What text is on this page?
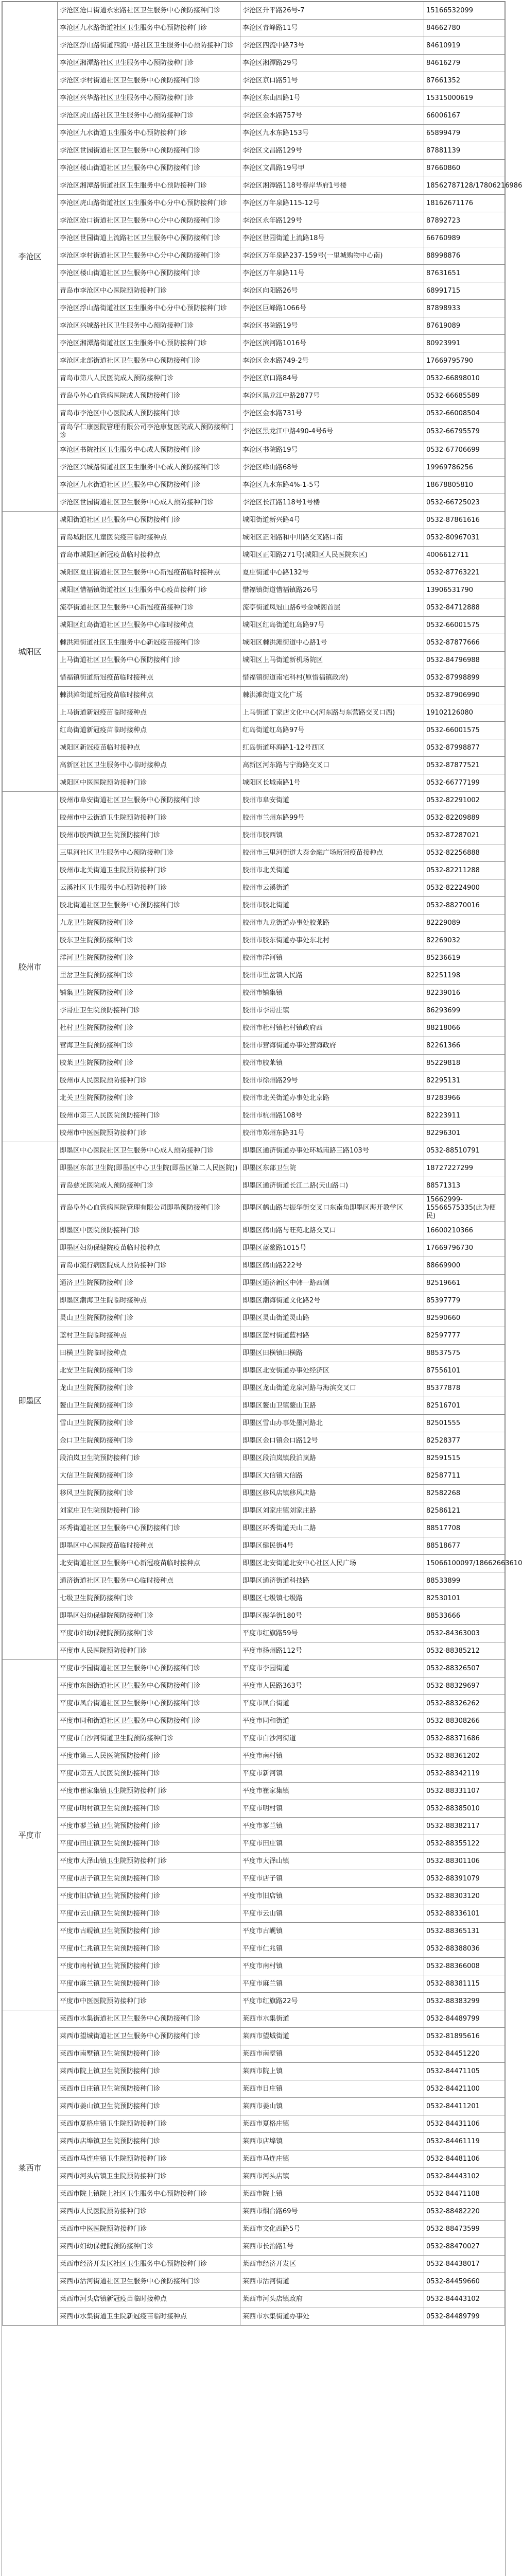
李沧区	李沧区沧口街道永宏路社区卫生服务中心预防接种门诊	李沧区升平路26号-7	15166532099
	李沧区九水路街道社区卫生服务中心预防接种门诊	李沧区青峰路11号	84662780
	李沧区浮山路街道四流中路社区卫生服务中心预防接种门诊	李沧区四流中路73号	84610919
	李沧区湘潭路社区卫生服务中心预防接种门诊	李沧区湘潭路29号	84616279
	李沧区李村街道社区卫生服务中心预防接种门诊	李沧区京口路51号	87661352
	李沧区兴华路社区卫生服务中心预防接种门诊	李沧区东山四路1号	15315000619
	李沧区虎山路社区卫生服务中心预防接种门诊	李沧区金水路757号	66006167
	李沧区九水街道卫生服务中心预防接种门诊	李沧区九水东路153号	65899479
	李沧区世园街道社区卫生服务中心预防接种门诊	李沧区文昌路129号	87881139
	李沧区楼山街道社区卫生服务中心预防接种门诊	李沧区文昌路19号甲	87660860
	李沧区湘潭路街道社区卫生服务中心预防接种门诊	李沧区湘潭路118号春岸华府1号楼	18562787128/17806216986
	李沧区虎山路街道社区卫生服务中心分中心预防接种门诊	李沧区万年泉路115-12号	18162671176
	李沧区沧口街道社区卫生服务中心分中心预防接种门诊	李沧区永年路129号	87892723
	李沧区世园街道上流路社区卫生服务中心预防接种门诊	李沧区世园街道上流路18号	66760989
	李沧区李村街道社区卫生服务中心分中心预防接种门诊	李沧区万年泉路237-159号(一里城购物中心南)	88998876
	李沧区楼山街道社区卫生服务中心预防接种门诊	李沧区万年泉路11号	87631651
	青岛市李沧区中心医院预防接种门诊	李沧区向阳路26号	68991715
	李沧区浮山路街道社区卫生服务中心分中心预防接种门诊	李沧区巨峰路1066号	87898933
	李沧区兴城路社区卫生服务中心预防接种门诊	李沧区书院路19号	87619089
	李沧区湘潭路街道社区卫生服务中心预防接种门诊	李沧区滨河路1016号	80923991
	李沧区北部街道社区卫生服务中心预防接种门诊	李沧区金水路749-2号	17669795790
	青岛市第八人民医院成人预防接种门诊	李沧区京口路84号	0532-66898010
	青岛阜外心血管病医院成人预防接种门诊	李沧区黑龙江中路2877号	0532-66685589
	青岛市李沧区中心医院成人预防接种门诊	李沧区金水路731号	0532-66008504
	青岛华仁康医院管理有限公司李沧康复医院成人预防接种门诊	李沧区黑龙江中路490-4号6号	0532-66795579
	李沧区书院社区卫生服务中心成人预防接种门诊	李沧区书院路19号	0532-67706699
	李沧区兴城路街道社区卫生服务中心成人预防接种门诊	李沧区峰山路68号	19969786256
	李沧区九水街道社区卫生服务中心预防接种门诊	李沧区九水东路4%-1-5号	18678805810
	李沧区世园街道社区卫生服务中心成人预防接种门诊	李沧区长江路118号1号楼	0532-66725023
城阳区	城阳街道社区卫生服务中心预防接种门诊	城阳街道新兴路4号	0532-87861616
	青岛城阳区儿童医院疫苗临时接种点	城阳区正阳路和中川路交叉路口南	0532-80967031
	青岛市城阳区新冠疫苗临时接种点	城阳区正阳路271号(城阳区人民医院东区)	4006612711
	城阳区夏庄街道社区卫生服务中心新冠疫苗临时接种点	夏庄街道中心路132号	0532-87763221
	城阳区惜福镇街道社区卫生服务中心疫苗接种门诊	惜福镇街道惜福镇路26号	13906531790
	流亭街道社区卫生服务中心新冠疫苗接种门诊	流亭街道凤冠山路6号金城阁首层	0532-84712888
	城阳区红岛街道社区卫生服务中心临时接种点	城阳区红岛街道红岛路97号	0532-66001575
	棘洪滩街道社区卫生服务中心新冠疫苗接种门诊	城阳区棘洪滩街道中心路1号	0532-87877666
	上马街道社区卫生服务中心预防接种门诊	城阳区上马街道新机场院区	0532-84796988
	惜福镇街道新冠疫苗临时接种点	惜福镇街道南宅科村(原惜福镇政府)	0532-87998899
	棘洪滩街道新冠疫苗临时接种点	棘洪滩街道文化广场	0532-87906990
	上马街道新冠疫苗临时接种点	上马街道丁家店文化中心(河东路与东营路交叉口西)	19102126080
	红岛街道新冠疫苗临时接种点	红岛街道红岛路97号	0532-66001575
	城阳区新冠疫苗临时接种点	红岛街道环海路1-12号西区	0532-87998877
	高新区社区卫生服务中心临时接种点	高新区河东路与宁海路交叉口	0532-87877521
	城阳区中医医院预防接种门诊	城阳区长城南路1号	0532-66777199
胶州市	胶州市阜安街道社区卫生服务中心预防接种门诊	胶州市阜安街道	0532-82291002
	胶州市中云街道卫生院预防接种门诊	胶州市兰州东路99号	0532-82209889
	胶州市胶西镇卫生院预防接种门诊	胶州市胶西镇	0532-87287021
	三里河社区卫生服务中心预防接种门诊	胶州市三里河街道大泰金融广场新冠疫苗接种点	0532-82256888
	胶州市北关街道卫生院预防接种门诊	胶州市北关街道	0532-82211288
	云溪社区卫生服务中心预防接种门诊	胶州市云溪街道	0532-82224900
	胶北街道社区卫生服务中心预防接种门诊	胶州市胶北街道	0532-88270016
	九龙卫生院预防接种门诊	胶州市九龙街道办事处胶莱路	82229089
	胶东卫生院预防接种门诊	胶州市胶东街道办事处东北村	82269032
	洋河卫生院预防接种门诊	胶州市洋河镇	85236619
	里岔卫生院预防接种门诊	胶州市里岔镇人民路	82251198
	铺集卫生院预防接种门诊	胶州市铺集镇	82239016
	李哥庄卫生院预防接种门诊	胶州市李哥庄镇	86293699
	杜村卫生院预防接种门诊	胶州市杜村镇杜村镇政府西	88218066
	营海卫生院预防接种门诊	胶州市营海街道办事处营海政府	82261366
	胶莱卫生院预防接种门诊	胶州市胶莱镇	85229818
	胶州市人民医院预防接种门诊	胶州市徐州路29号	82295131
	北关卫生院预防接种门诊	胶州市北关街道办事处北京路	87283966
	胶州市第三人民医院预防接种门诊	胶州市杭州路108号	82223911
	胶州市中医医院预防接种门诊	胶州市郑州东路31号	82296301
即墨区	即墨区中心医院社区卫生服务中心成人预防接种门诊	即墨区通济街道办事处环城南路三路103号	0532-88510791
	即墨区东部卫生院(即墨区中心卫生院(即墨区第二人民医院))	即墨区东部卫生院	18727227299
	青岛慈光医院成人预防接种门诊	即墨区通济街道长江二路(天山路口)	88571313
	青岛阜外心血管病医院管理有限公司即墨预防接种门诊	即墨区鹤山路与振华街交叉口东南角即墨区海开教学区	15662999-15566575335(此为便民)
	即墨区中医院预防接种门诊	即墨区鹤山路与旺苑北路交叉口	16600210366
	即墨区妇幼保健院疫苗临时接种点	即墨区蓝鳌路1015号	17669796730
	青岛市流行病医院成人预防接种门诊	即墨区鹤山路222号	88669900
	通济卫生院预防接种门诊	即墨区通济新区中韩一路西侧	82519661
	即墨区潮海卫生院临时接种点	即墨区潮海街道文化路2号	85397779
	灵山卫生院预防接种门诊	即墨区灵山街道灵山路	82590660
	蓝村卫生院临时接种点	即墨区蓝村街道蓝村路	82597777
	田横卫生院临时接种点	即墨区田横镇田横路	88537575
	北安卫生院预防接种门诊	即墨区北安街道办事处经济区	87556101
	龙山卫生院预防接种门诊	即墨区龙山街道龙泉河路与海滨交叉口	85377878
	鳌山卫生院预防接种门诊	即墨区鳌山卫镇鳌山卫路	82516701
	雪山卫生院预防接种门诊	即墨区雪山办事处墨河路北	82501555
	金口卫生院预防接种门诊	即墨区金口镇金口路12号	82528377
	段泊岚卫生院预防接种门诊	即墨区段泊岚镇段泊岚路	82591515
	大信卫生院预防接种门诊	即墨区大信镇大信路	82587711
	移风卫生院预防接种门诊	即墨区移风店镇移风店路	82582268
	刘家庄卫生院预防接种门诊	即墨区刘家庄镇刘家庄路	82586121
	环秀街道社区卫生服务中心预防接种门诊	即墨区环秀街道天山二路	88517708
	即墨区中心医院疫苗临时接种点	即墨区健民街4号	88518677
	北安街道社区卫生服务中心新冠疫苗临时接种点	即墨区北安街道北安中心社区人民广场	15066100097/18662663610
	通济街道社区卫生服务中心临时接种点	即墨区通济街道科技路	88533899
	七级卫生院预防接种门诊	即墨区七级镇七级路	82530101
	即墨区妇幼保健院预防接种门诊	即墨区振华街180号	88533666
	平度市妇幼保健院预防接种门诊	平度市红旗路59号	0532-84363003
	平度市人民医院预防接种门诊	平度市扬州路112号	0532-88385212
平度市	平度市李园街道社区卫生服务中心预防接种门诊	平度市李园街道	0532-88326507
	平度市东阁街道社区卫生服务中心预防接种门诊	平度市人民路363号	0532-88329697
	平度市凤台街道社区卫生服务中心预防接种门诊	平度市凤台街道	0532-88326262
	平度市同和街道社区卫生服务中心预防接种门诊	平度市同和街道	0532-88308266
	平度市白沙河街道卫生院预防接种门诊	平度市白沙河街道	0532-88371686
	平度市第三人民医院预防接种门诊	平度市南村镇	0532-88361202
	平度市第五人民医院预防接种门诊	平度市新河镇	0532-88342119
	平度市崔家集镇卫生院预防接种门诊	平度市崔家集镇	0532-88331107
	平度市明村镇卫生院预防接种门诊	平度市明村镇	0532-88385010
	平度市蓼兰镇卫生院预防接种门诊	平度市蓼兰镇	0532-88382117
	平度市田庄镇卫生院预防接种门诊	平度市田庄镇	0532-88355122
	平度市大泽山镇卫生院预防接种门诊	平度市大泽山镇	0532-88301106
	平度市店子镇卫生院预防接种门诊	平度市店子镇	0532-88391079
	平度市旧店镇卫生院预防接种门诊	平度市旧店镇	0532-88303120
	平度市云山镇卫生院预防接种门诊	平度市云山镇	0532-88336101
	平度市古岘镇卫生院预防接种门诊	平度市古岘镇	0532-88365131
	平度市仁兆镇卫生院预防接种门诊	平度市仁兆镇	0532-88388036
	平度市南村镇卫生院预防接种门诊	平度市南村镇	0532-88366008
	平度市麻兰镇卫生院预防接种门诊	平度市麻兰镇	0532-88381115
	平度市中医医院预防接种门诊	平度市红旗路22号	0532-88383299
莱西市	莱西市水集街道社区卫生服务中心预防接种门诊	莱西市水集街道	0532-84489799
	莱西市望城街道社区卫生服务中心预防接种门诊	莱西市望城街道	0532-81895616
	莱西市南墅镇卫生院预防接种门诊	莱西市南墅镇	0532-84451220
	莱西市院上镇卫生院预防接种门诊	莱西市院上镇	0532-84471105
	莱西市日庄镇卫生院预防接种门诊	莱西市日庄镇	0532-84421100
	莱西市姜山镇卫生院预防接种门诊	莱西市姜山镇	0532-84411201
	莱西市夏格庄镇卫生院预防接种门诊	莱西市夏格庄镇	0532-84431106
	莱西市店埠镇卫生院预防接种门诊	莱西市店埠镇	0532-84461119
	莱西市马连庄镇卫生院预防接种门诊	莱西市马连庄镇	0532-84481106
	莱西市河头店镇卫生院预防接种门诊	莱西市河头店镇	0532-84443102
	莱西市院上镇院上社区卫生服务中心预防接种门诊	莱西市院上镇	0532-84471108
	莱西市人民医院预防接种门诊	莱西市烟台路69号	0532-88482220
	莱西市中医医院预防接种门诊	莱西市文化西路5号	0532-88473599
	莱西市妇幼保健院预防接种门诊	莱西市长治路1号	0532-88470027
	莱西市经济开发区社区卫生服务中心预防接种门诊	莱西市经济开发区	0532-84438017
	莱西市沽河街道社区卫生服务中心预防接种门诊	莱西市沽河街道	0532-84459660
	莱西市河头店镇新冠疫苗临时接种点	莱西市河头店镇政府	0532-84443102
	莱西市水集街道卫生院新冠疫苗临时接种点	莱西市水集街道办事处	0532-84489799
